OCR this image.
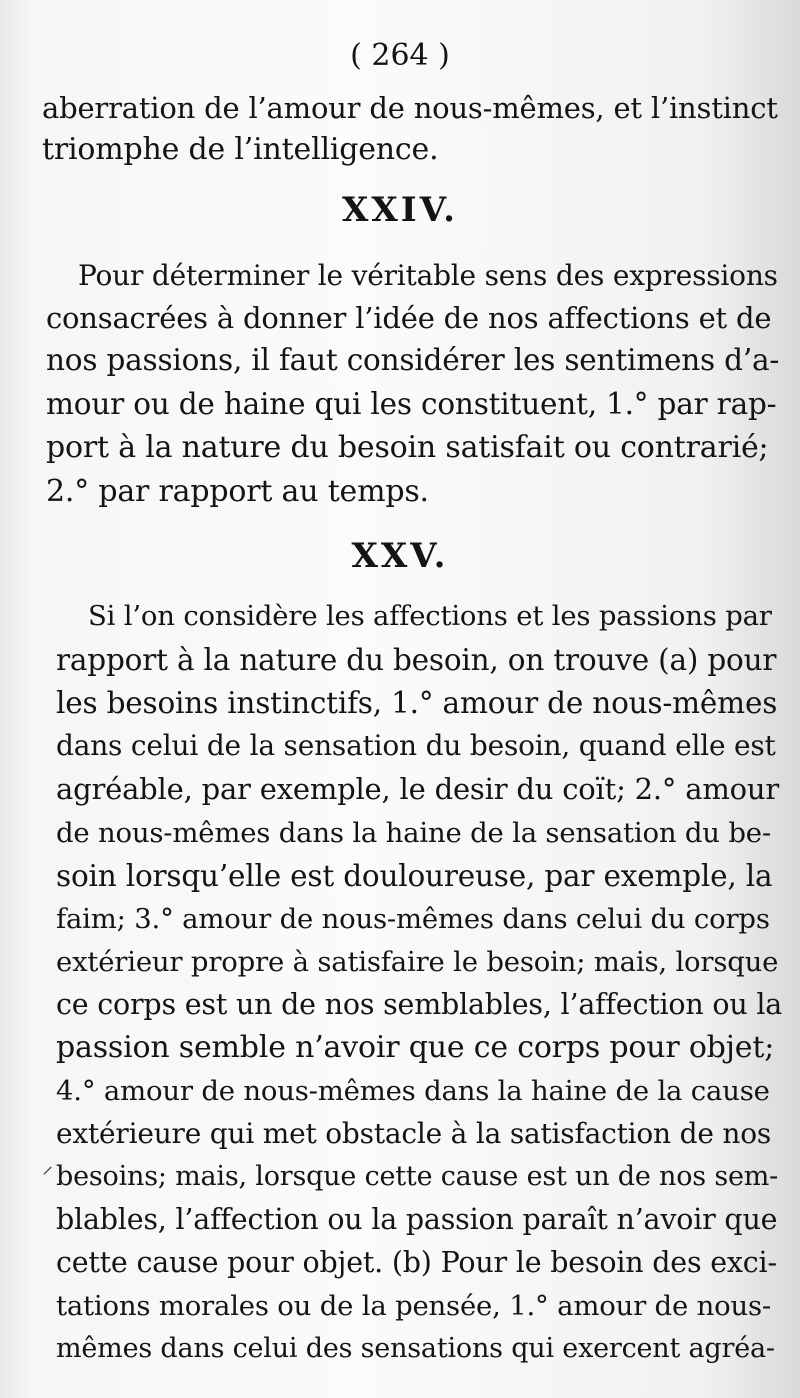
( 264 )
aberration de l’amour de nous-mêmes, et l’instinct
triomphe de l’intelligence.
XXIV.
Pour déterminer le véritable sens des expressions
consacrées à donner l’idée de nos affections et de
nos passions, il faut considérer les sentimens d’a-
mour ou de haine qui les constituent, 1.° par rap-
port à la nature du besoin satisfait ou contrarié;
2.° par rapport au temps.
XXV.
Si l’on considère les affections et les passions par
rapport à la nature du besoin, on trouve (a) pour
les besoins instinctifs, 1.° amour de nous-mêmes
dans celui de la sensation du besoin, quand elle est
agréable, par exemple, le desir du coït; 2.° amour
de nous-mêmes dans la haine de la sensation du be-
soin lorsqu’elle est douloureuse, par exemple, la
faim; 3.° amour de nous-mêmes dans celui du corps
extérieur propre à satisfaire le besoin; mais, lorsque
ce corps est un de nos semblables, l’affection ou la
passion semble n’avoir que ce corps pour objet;
4.° amour de nous-mêmes dans la haine de la cause
extérieure qui met obstacle à la satisfaction de nos
besoins; mais, lorsque cette cause est un de nos sem-
blables, l’affection ou la passion paraît n’avoir que
cette cause pour objet. (b) Pour le besoin des exci-
tations morales ou de la pensée, 1.° amour de nous-
mêmes dans celui des sensations qui exercent agréa-
⸝
